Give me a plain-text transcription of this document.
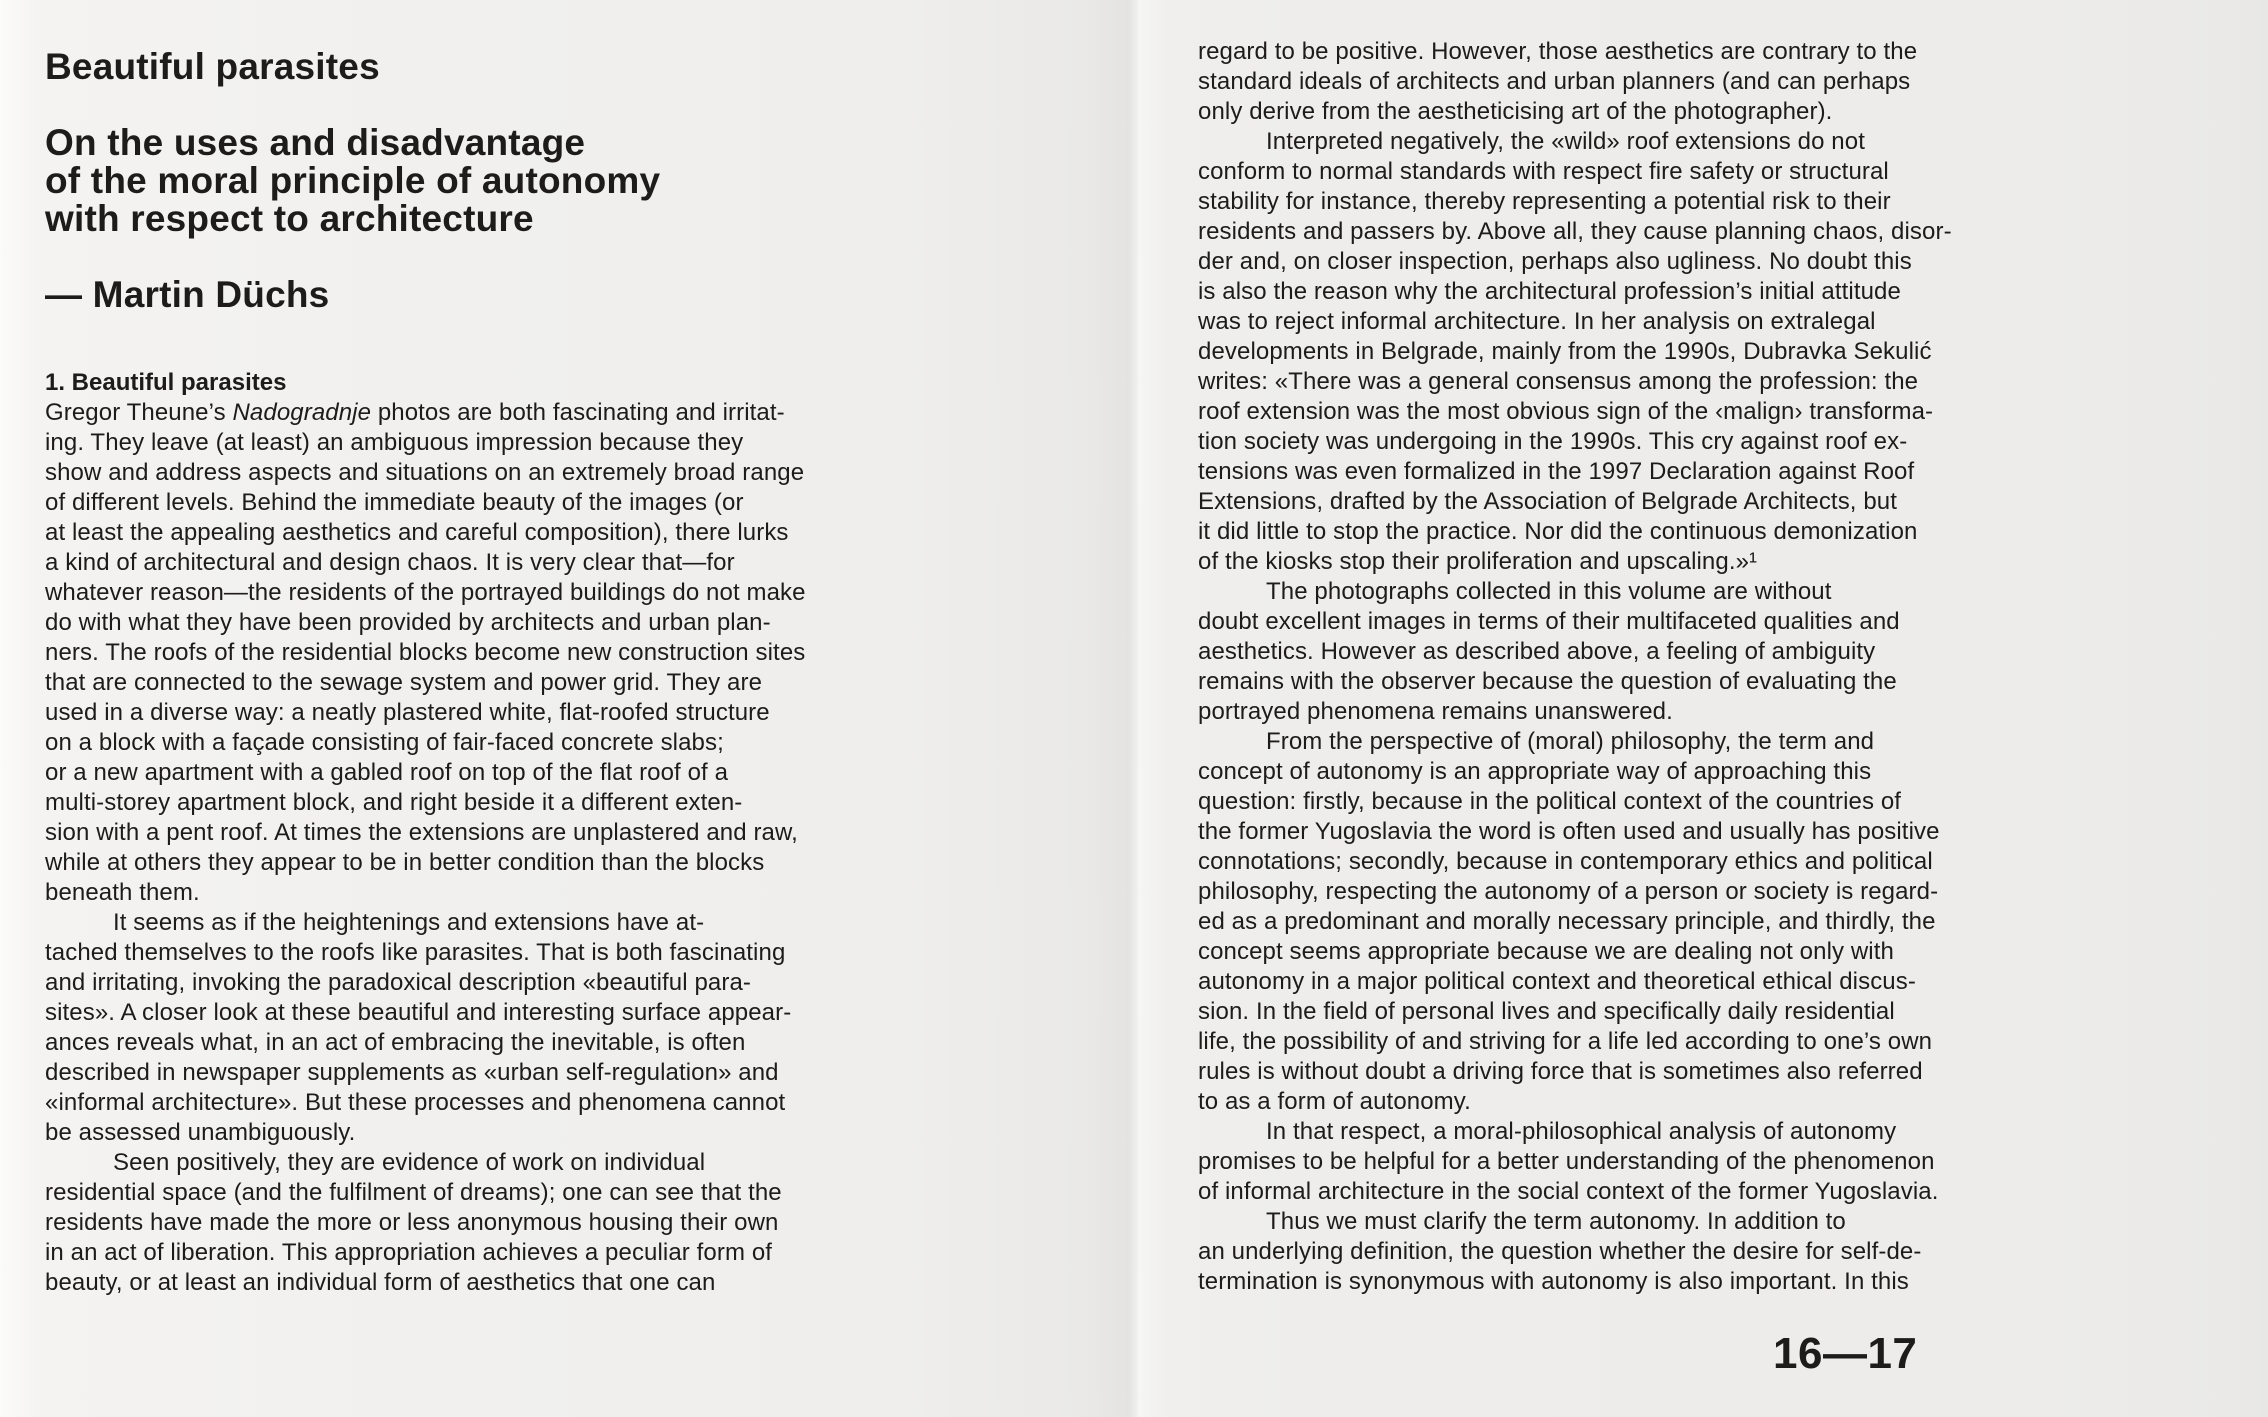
Beautiful parasites
On the uses and disadvantage
of the moral principle of autonomy
with respect to architecture
— Martin Düchs
1. Beautiful parasites
Gregor Theune’s Nadogradnje photos are both fascinating and irritat-
ing. They leave (at least) an ambiguous impression because they
show and address aspects and situations on an extremely broad range
of different levels. Behind the immediate beauty of the images (or
at least the appealing aesthetics and careful composition), there lurks
a kind of architectural and design chaos. It is very clear that—for
whatever reason—the residents of the portrayed buildings do not make
do with what they have been provided by architects and urban plan-
ners. The roofs of the residential blocks become new construction sites
that are connected to the sewage system and power grid. They are
used in a diverse way: a neatly plastered white, flat-roofed structure
on a block with a façade consisting of fair-faced concrete slabs;
or a new apartment with a gabled roof on top of the flat roof of a
multi-storey apartment block, and right beside it a different exten-
sion with a pent roof. At times the extensions are unplastered and raw,
while at others they appear to be in better condition than the blocks
beneath them.
It seems as if the heightenings and extensions have at-
tached themselves to the roofs like parasites. That is both fascinating
and irritating, invoking the paradoxical description «beautiful para-
sites». A closer look at these beautiful and interesting surface appear-
ances reveals what, in an act of embracing the inevitable, is often
described in newspaper supplements as «urban self-regulation» and
«informal architecture». But these processes and phenomena cannot
be assessed unambiguously.
Seen positively, they are evidence of work on individual
residential space (and the fulfilment of dreams); one can see that the
residents have made the more or less anonymous housing their own
in an act of liberation. This appropriation achieves a peculiar form of
beauty, or at least an individual form of aesthetics that one can
regard to be positive. However, those aesthetics are contrary to the
standard ideals of architects and urban planners (and can perhaps
only derive from the aestheticising art of the photographer).
Interpreted negatively, the «wild» roof extensions do not
conform to normal standards with respect fire safety or structural
stability for instance, thereby representing a potential risk to their
residents and passers by. Above all, they cause planning chaos, disor-
der and, on closer inspection, perhaps also ugliness. No doubt this
is also the reason why the architectural profession’s initial attitude
was to reject informal architecture. In her analysis on extralegal
developments in Belgrade, mainly from the 1990s, Dubravka Sekulić
writes: «There was a general consensus among the profession: the
roof extension was the most obvious sign of the ‹malign› transforma-
tion society was undergoing in the 1990s. This cry against roof ex-
tensions was even formalized in the 1997 Declaration against Roof
Extensions, drafted by the Association of Belgrade Architects, but
it did little to stop the practice. Nor did the continuous demonization
of the kiosks stop their proliferation and upscaling.»¹
The photographs collected in this volume are without
doubt excellent images in terms of their multifaceted qualities and
aesthetics. However as described above, a feeling of ambiguity
remains with the observer because the question of evaluating the
portrayed phenomena remains unanswered.
From the perspective of (moral) philosophy, the term and
concept of autonomy is an appropriate way of approaching this
question: firstly, because in the political context of the countries of
the former Yugoslavia the word is often used and usually has positive
connotations; secondly, because in contemporary ethics and political
philosophy, respecting the autonomy of a person or society is regard-
ed as a predominant and morally necessary principle, and thirdly, the
concept seems appropriate because we are dealing not only with
autonomy in a major political context and theoretical ethical discus-
sion. In the field of personal lives and specifically daily residential
life, the possibility of and striving for a life led according to one’s own
rules is without doubt a driving force that is sometimes also referred
to as a form of autonomy.
In that respect, a moral-philosophical analysis of autonomy
promises to be helpful for a better understanding of the phenomenon
of informal architecture in the social context of the former Yugoslavia.
Thus we must clarify the term autonomy. In addition to
an underlying definition, the question whether the desire for self-de-
termination is synonymous with autonomy is also important. In this
16—17
